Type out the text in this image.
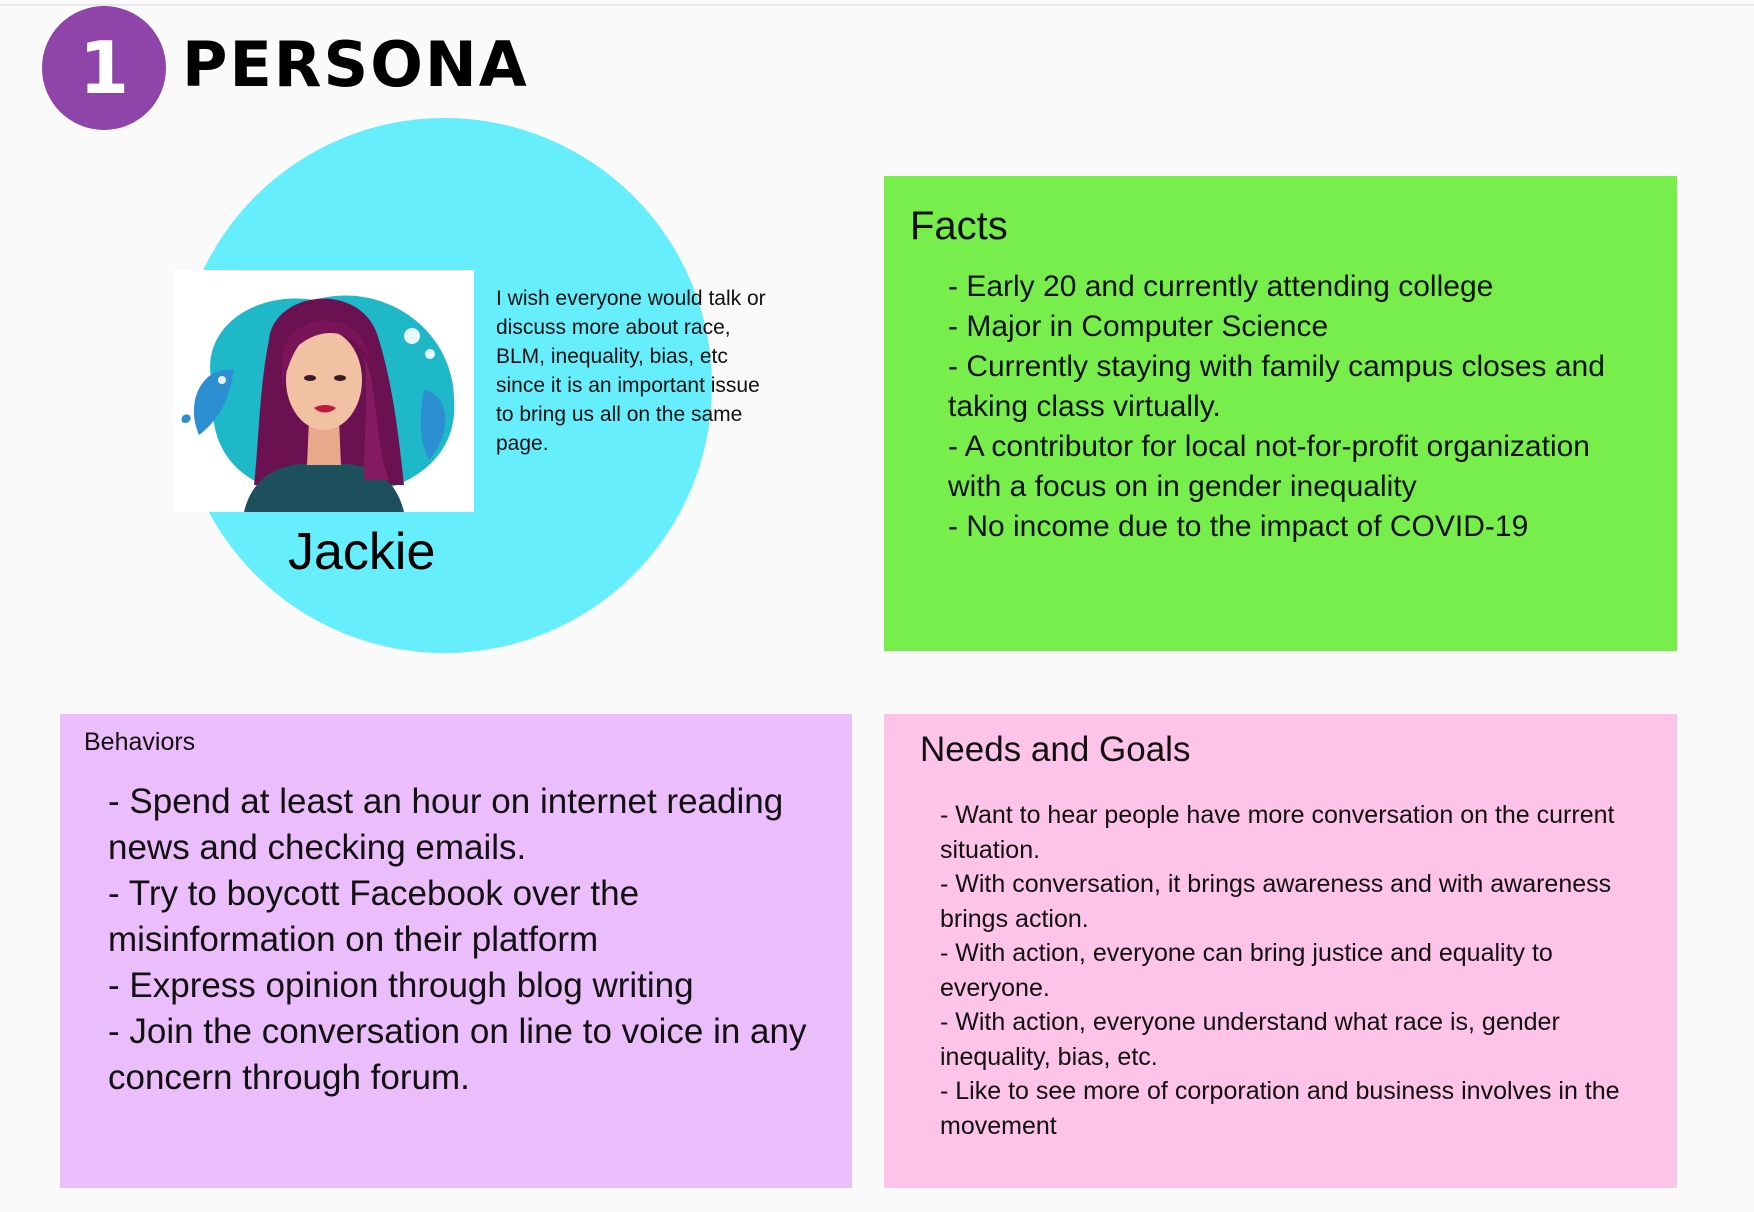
1 PERSONA
I wish everyone would talk or discuss more about race, BLM, inequality, bias, etc since it is an important issue to bring us all on the same page.
Jackie
Facts
- Early 20 and currently attending college
- Major in Computer Science
- Currently staying with family campus closes and taking class virtually.
- A contributor for local not-for-profit organization with a focus on in gender inequality
- No income due to the impact of COVID-19
Behaviors
- Spend at least an hour on internet reading news and checking emails.
- Try to boycott Facebook over the misinformation on their platform
- Express opinion through blog writing
- Join the conversation on line to voice in any concern through forum.
Needs and Goals
- Want to hear people have more conversation on the current situation.
- With conversation, it brings awareness and with awareness brings action.
- With action, everyone can bring justice and equality to everyone.
- With action, everyone understand what race is, gender inequality, bias, etc.
- Like to see more of corporation and business involves in the movement
